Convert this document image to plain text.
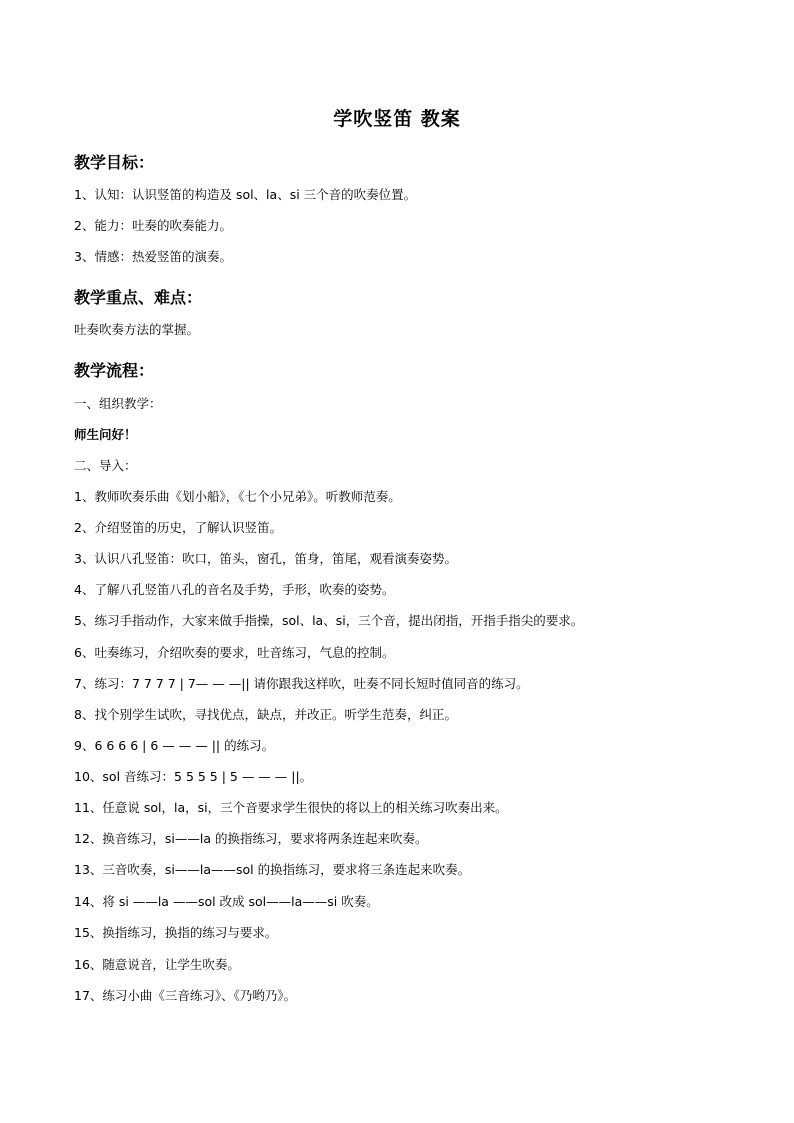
学吹竖笛 教案
教学目标：
1、认知：认识竖笛的构造及 sol、la、si 三个音的吹奏位置。
2、能力：吐奏的吹奏能力。
3、情感：热爱竖笛的演奏。
教学重点、难点：
吐奏吹奏方法的掌握。
教学流程：
一、组织教学：
师生问好！
二、导入：
1、教师吹奏乐曲《划小船》，《七个小兄弟》。听教师范奏。
2、介绍竖笛的历史，了解认识竖笛。
3、认识八孔竖笛：吹口，笛头，窗孔，笛身，笛尾，观看演奏姿势。
4、了解八孔竖笛八孔的音名及手势，手形，吹奏的姿势。
5、练习手指动作，大家来做手指操，sol、la、si，三个音，提出闭指，开指手指尖的要求。
6、吐奏练习，介绍吹奏的要求，吐音练习，气息的控制。
7、练习：7 7 7 7 | 7— — —|| 请你跟我这样吹，吐奏不同长短时值同音的练习。
8、找个别学生试吹，寻找优点，缺点，并改正。听学生范奏，纠正。
9、6 6 6 6 | 6 — — — || 的练习。
10、sol 音练习：5 5 5 5 | 5 — — — ||。
11、任意说 sol，la，si，三个音要求学生很快的将以上的相关练习吹奏出来。
12、换音练习，si——la 的换指练习，要求将两条连起来吹奏。
13、三音吹奏，si——la——sol 的换指练习，要求将三条连起来吹奏。
14、将 si ——la ——sol 改成 sol——la——si 吹奏。
15、换指练习，换指的练习与要求。
16、随意说音，让学生吹奏。
17、练习小曲《三音练习》、《乃哟乃》。
